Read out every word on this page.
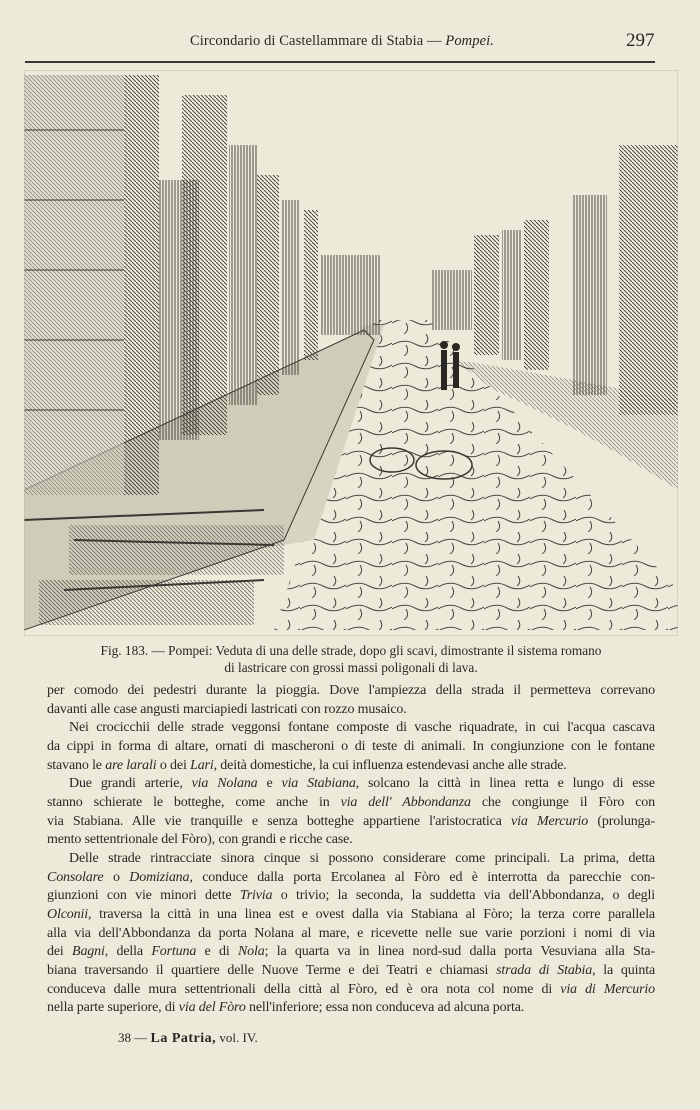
Circondario di Castellammare di Stabia — Pompei.	297
Fig. 183. — Pompei: Veduta di una delle strade, dopo gli scavi, dimostrante il sistema romano
di lastricare con grossi massi poligonali di lava.
per comodo dei pedestri durante la pioggia. Dove l'ampiezza della strada il permetteva correvano
davanti alle case angusti marciapiedi lastricati con rozzo musaico.
Nei crocicchii delle strade veggonsi fontane composte di vasche riquadrate, in cui l'acqua cascava
da cippi in forma di altare, ornati di mascheroni o di teste di animali. In congiunzione con le fontane
stavano le are larali o dei Lari, deità domestiche, la cui influenza estendevasi anche alle strade.
Due grandi arterie, via Nolana e via Stabiana, solcano la città in linea retta e lungo di esse
stanno schierate le botteghe, come anche in via dell' Abbondanza che congiunge il Fòro con
via Stabiana. Alle vie tranquille e senza botteghe appartiene l'aristocratica via Mercurio (prolunga-
mento settentrionale del Fòro), con grandi e ricche case.
Delle strade rintracciate sinora cinque si possono considerare come principali. La prima, detta
Consolare o Domiziana, conduce dalla porta Ercolanea al Fòro ed è interrotta da parecchie con-
giunzioni con vie minori dette Trivia o trivio; la seconda, la suddetta via dell'Abbondanza, o degli
Olconii, traversa la città in una linea est e ovest dalla via Stabiana al Fòro; la terza corre parallela
alla via dell'Abbondanza da porta Nolana al mare, e ricevette nelle sue varie porzioni i nomi di via
dei Bagni, della Fortuna e di Nola; la quarta va in linea nord-sud dalla porta Vesuviana alla Sta-
biana traversando il quartiere delle Nuove Terme e dei Teatri e chiamasi strada di Stabia, la quinta
conduceva dalle mura settentrionali della città al Fòro, ed è ora nota col nome di via di Mercurio
nella parte superiore, di via del Fòro nell'inferiore; essa non conduceva ad alcuna porta.
38 — La Patria, vol. IV.
